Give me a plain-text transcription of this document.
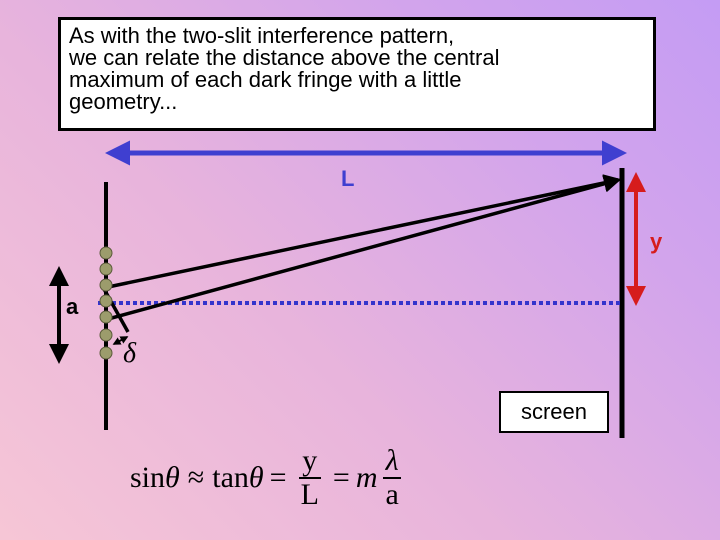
As with the two-slit interference pattern,
we can relate the distance above the central
maximum of each dark fringe with a little
geometry...
L
y
a
δ
screen
$\sin \theta \approx \tan \theta = \frac{y}{L} = m \frac{\lambda}{a}$
